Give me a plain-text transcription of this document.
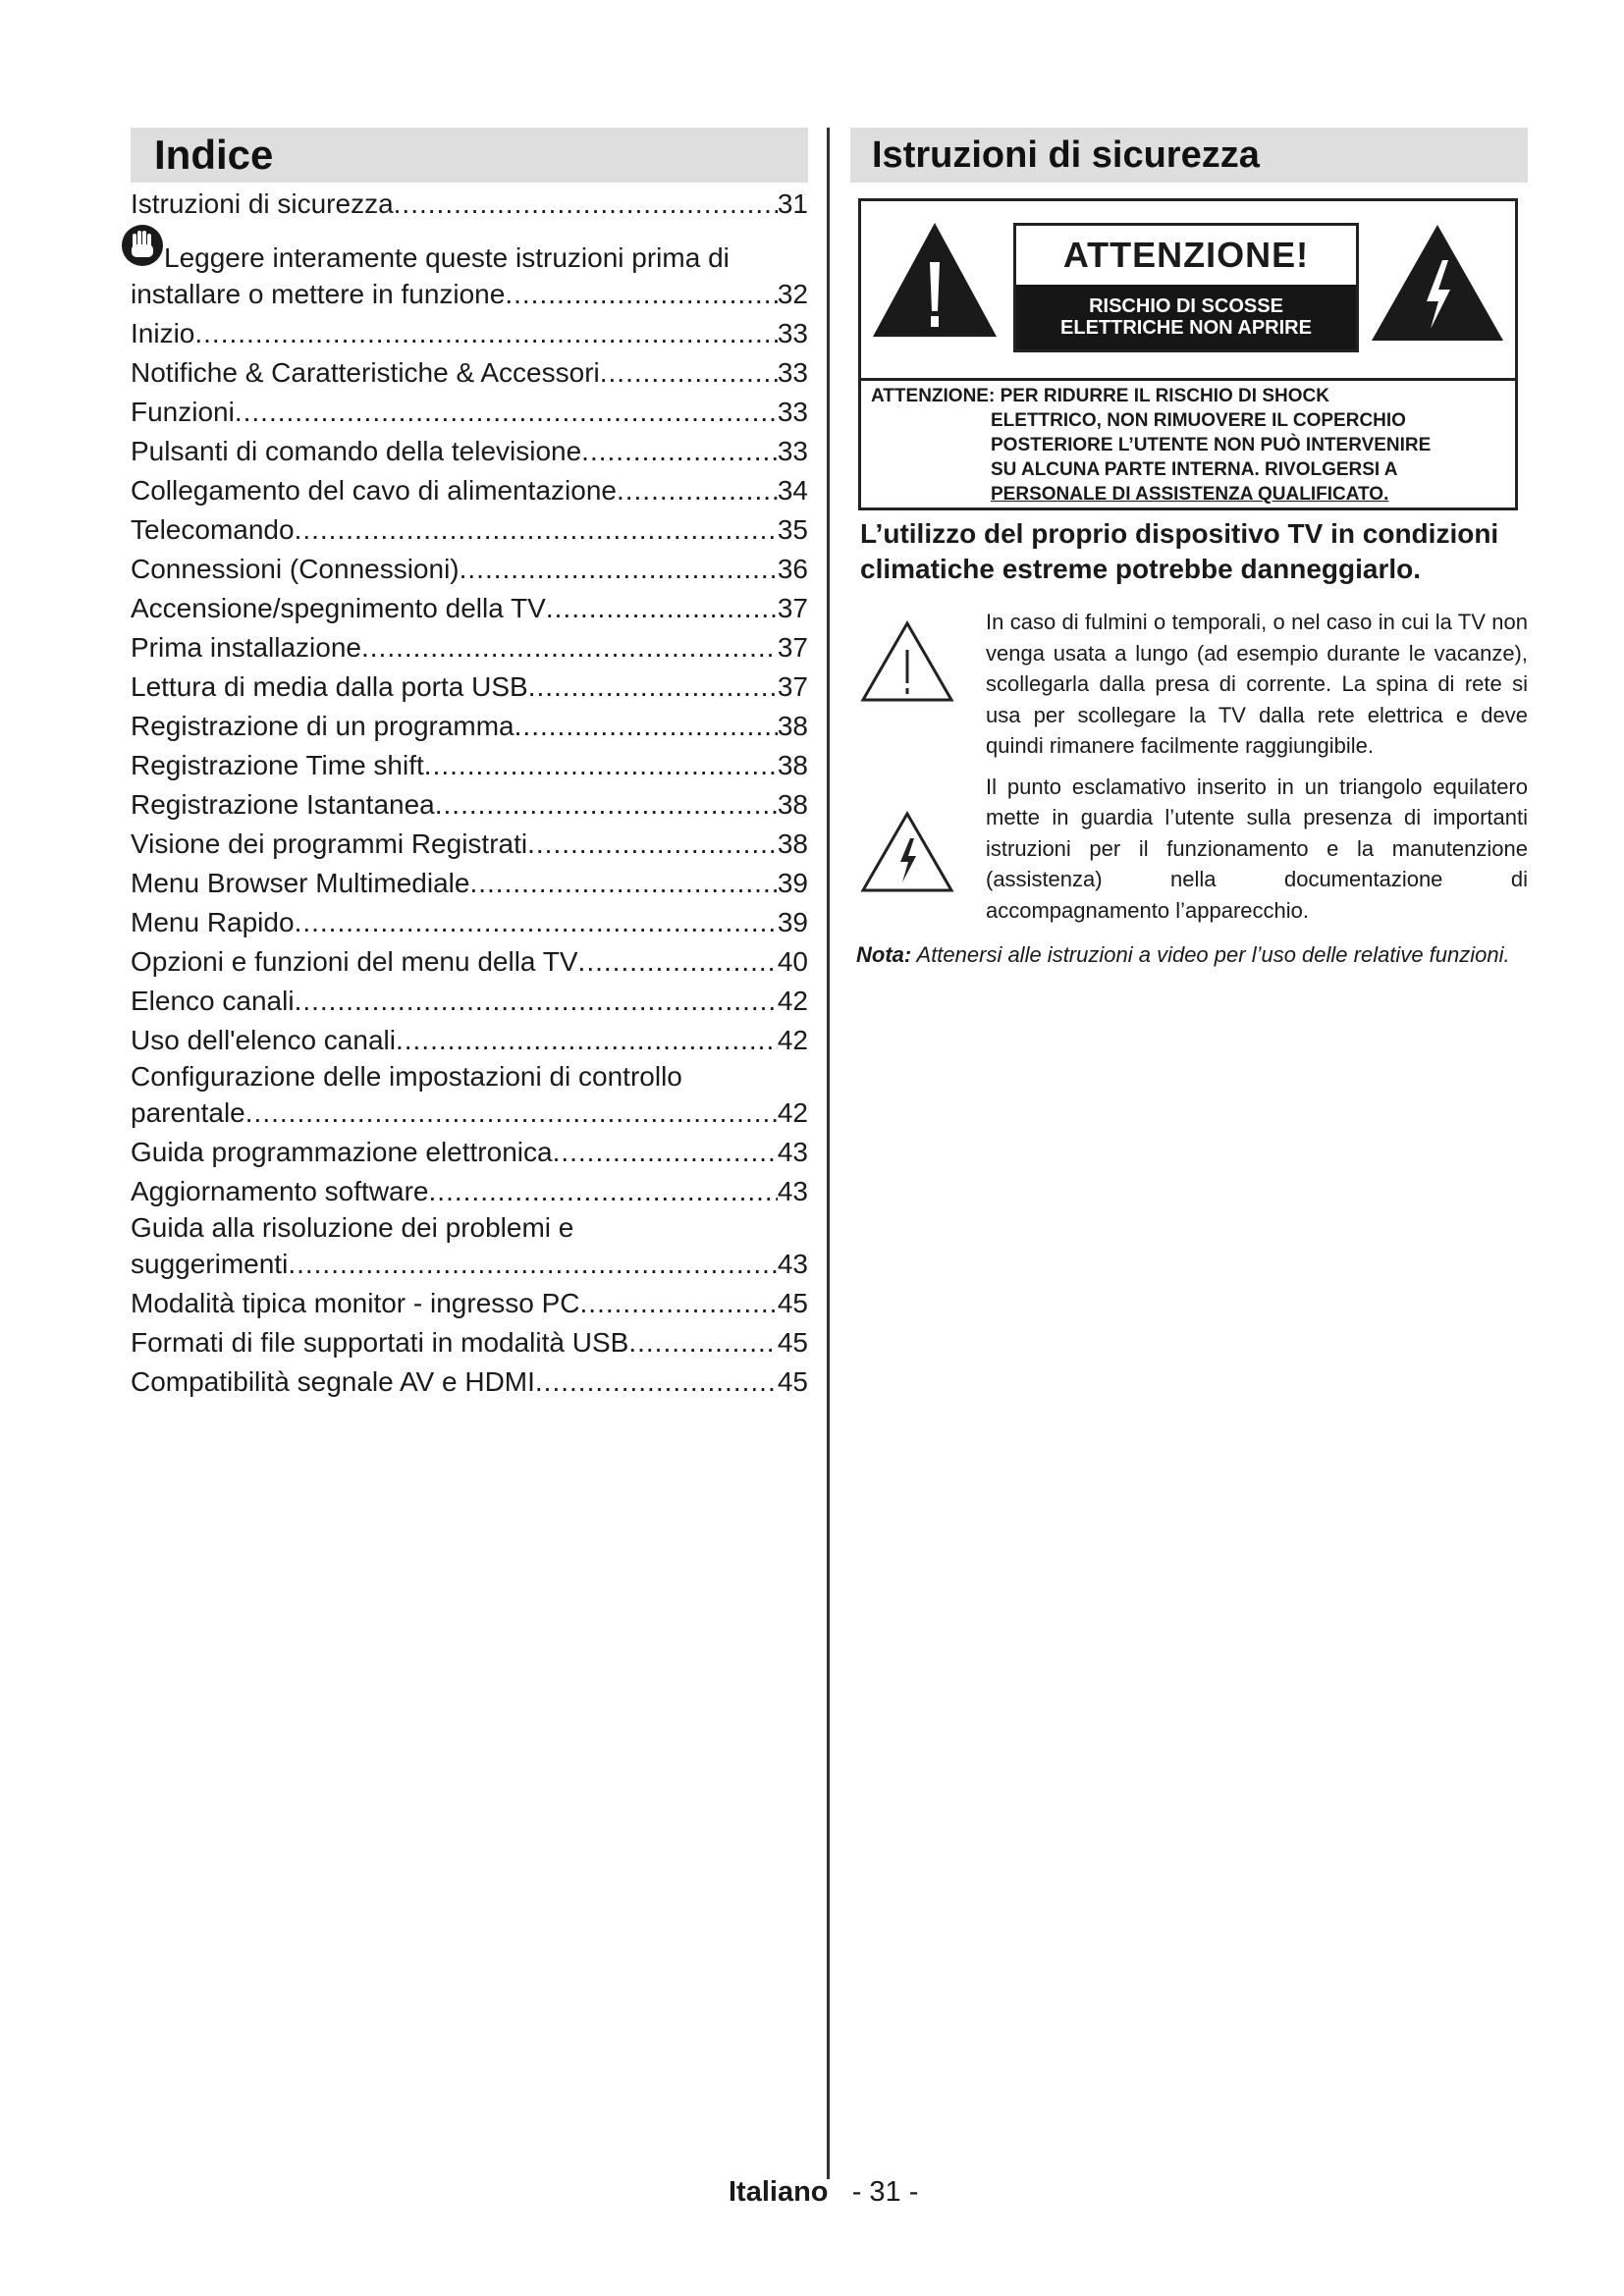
Indice
Istruzioni di sicurezza .....	31
Leggere interamente queste istruzioni prima di
installare o mettere in funzione .....	32
Inizio .....	33
Notifiche & Caratteristiche & Accessori .....	33
Funzioni .....	33
Pulsanti di comando della televisione .....	33
Collegamento del cavo di alimentazione .....	34
Telecomando .....	35
Connessioni (Connessioni) .....	36
Accensione/spegnimento della TV .....	37
Prima installazione .....	37
Lettura di media dalla porta USB .....	37
Registrazione di un programma .....	38
Registrazione Time shift .....	38
Registrazione Istantanea .....	38
Visione dei programmi Registrati .....	38
Menu Browser Multimediale .....	39
Menu Rapido .....	39
Opzioni e funzioni del menu della TV .....	40
Elenco canali .....	42
Uso dell'elenco canali .....	42
Configurazione delle impostazioni di controllo
parentale .....	42
Guida programmazione elettronica .....	43
Aggiornamento software .....	43
Guida alla risoluzione dei problemi e
suggerimenti .....	43
Modalità tipica monitor - ingresso PC .....	45
Formati di file supportati in modalità USB .....	45
Compatibilità segnale AV e HDMI .....	45
Istruzioni di sicurezza
ATTENZIONE!
RISCHIO DI SCOSSE
ELETTRICHE NON APRIRE
ATTENZIONE: PER RIDURRE IL RISCHIO DI SHOCK
ELETTRICO, NON RIMUOVERE IL COPERCHIO
POSTERIORE L’UTENTE NON PUÒ INTERVENIRE
SU ALCUNA PARTE INTERNA. RIVOLGERSI A
PERSONALE DI ASSISTENZA QUALIFICATO.
L’utilizzo del proprio dispositivo TV in condizioni climatiche estreme potrebbe danneggiarlo.
In caso di fulmini o temporali, o nel caso in cui la TV non venga usata a lungo (ad esempio durante le vacanze), scollegarla dalla presa di corrente. La spina di rete si usa per scollegare la TV dalla rete elettrica e deve quindi rimanere facilmente raggiungibile.
Il punto esclamativo inserito in un triangolo equilatero mette in guardia l’utente sulla presenza di importanti istruzioni per il funzionamento e la manutenzione (assistenza) nella documentazione di accompagnamento l’apparecchio.
Nota: Attenersi alle istruzioni a video per l’uso delle relative funzioni.
Italiano - 31 -
